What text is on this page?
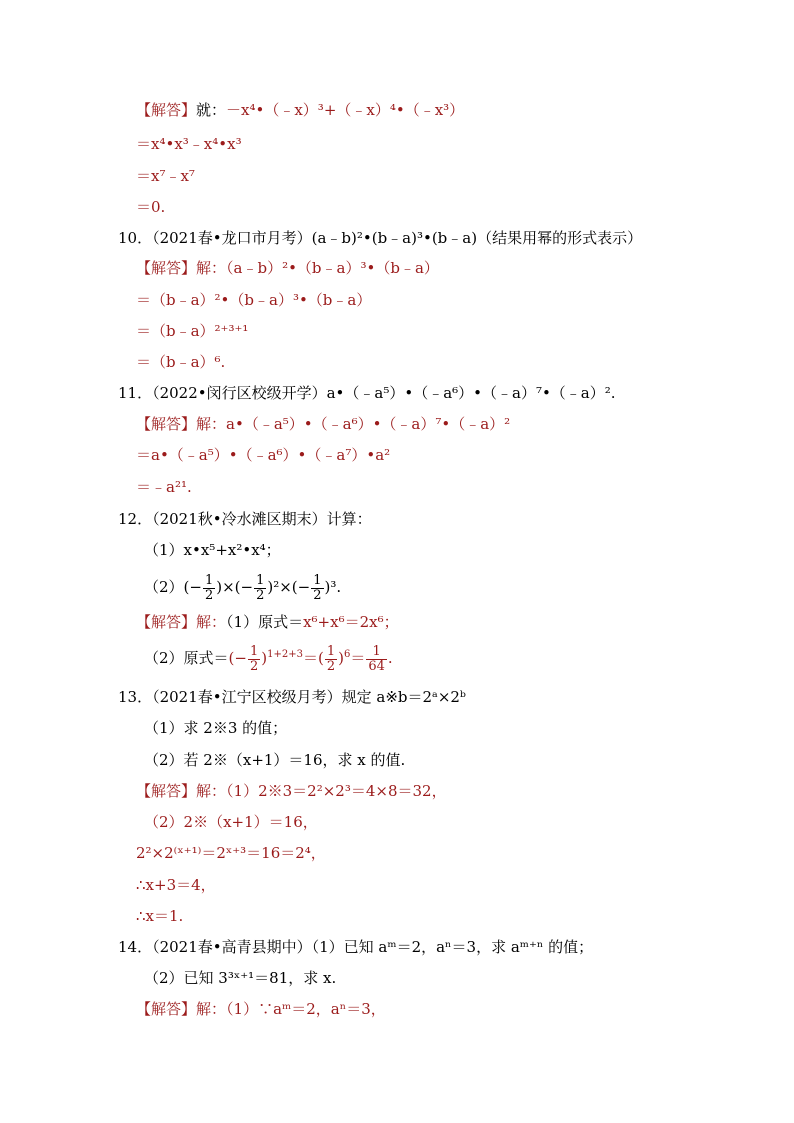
【解答】就：－x⁴•（﹣x）³+（﹣x）⁴•（﹣x³）
＝x⁴•x³﹣x⁴•x³
＝x⁷﹣x⁷
＝0.
10．（2021春•龙口市月考）(a﹣b)²•(b﹣a)³•(b﹣a)（结果用幂的形式表示）
【解答】解：（a﹣b）²•（b﹣a）³•（b﹣a）
＝（b﹣a）²•（b﹣a）³•（b﹣a）
＝（b﹣a）²⁺³⁺¹
＝（b﹣a）⁶.
11．（2022•闵行区校级开学）a•（﹣a⁵）•（﹣a⁶）•（﹣a）⁷•（﹣a）².
【解答】解：a•（﹣a⁵）•（﹣a⁶）•（﹣a）⁷•（﹣a）²
＝a•（﹣a⁵）•（﹣a⁶）•（﹣a⁷）•a²
＝﹣a²¹.
12．（2021秋•冷水滩区期末）计算：
（1）x•x⁵+x²•x⁴；
$(2)(- \frac{1}{2}$ )×(− $\frac{1}{2} )^2\times(- \frac{1}{2} )^3$.
【解答】解：（1）原式＝x⁶+x⁶＝2x⁶；
（2）原式＝(− $\frac{1}{2} )^{1+2+3}=( \frac{1}{2} )^6= \frac{1}{64}$ .
13．（2021春•江宁区校级月考）规定 a※b＝2ᵃ×2ᵇ
（1）求 2※3 的值；
（2）若 2※（x+1）＝16，求 x 的值.
【解答】解：（1）2※3＝2²×2³＝4×8＝32，
（2）2※（x+1）＝16，
2²×2⁽ˣ⁺¹⁾＝2ˣ⁺³＝16＝2⁴，
∴x+3＝4，
∴x＝1.
14．（2021春•高青县期中）（1）已知 aᵐ＝2，aⁿ＝3，求 aᵐ⁺ⁿ 的值；
（2）已知 3³ˣ⁺¹＝81，求 x.
【解答】解：（1）∵aᵐ＝2，aⁿ＝3，
